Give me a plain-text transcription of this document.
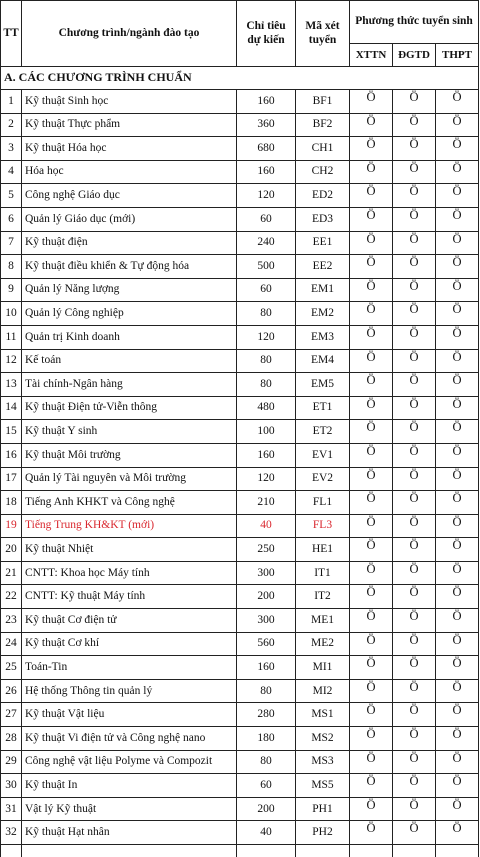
TT	Chương trình/ngành đào tạo	Chỉ tiêu dự kiến	Mã xét tuyển	Phương thức tuyển sinh		
				XTTN	ĐGTD	THPT
A. CÁC CHƯƠNG TRÌNH CHUẨN						
1	Kỹ thuật Sinh học	160	BF1	Ö	Ö	Ö
2	Kỹ thuật Thực phẩm	360	BF2	Ö	Ö	Ö
3	Kỹ thuật Hóa học	680	CH1	Ö	Ö	Ö
4	Hóa học	160	CH2	Ö	Ö	Ö
5	Công nghệ Giáo dục	120	ED2	Ö	Ö	Ö
6	Quản lý Giáo dục (mới)	60	ED3	Ö	Ö	Ö
7	Kỹ thuật điện	240	EE1	Ö	Ö	Ö
8	Kỹ thuật điều khiển & Tự động hóa	500	EE2	Ö	Ö	Ö
9	Quản lý Năng lượng	60	EM1	Ö	Ö	Ö
10	Quản lý Công nghiệp	80	EM2	Ö	Ö	Ö
11	Quản trị Kinh doanh	120	EM3	Ö	Ö	Ö
12	Kế toán	80	EM4	Ö	Ö	Ö
13	Tài chính-Ngân hàng	80	EM5	Ö	Ö	Ö
14	Kỹ thuật Điện tử-Viễn thông	480	ET1	Ö	Ö	Ö
15	Kỹ thuật Y sinh	100	ET2	Ö	Ö	Ö
16	Kỹ thuật Môi trường	160	EV1	Ö	Ö	Ö
17	Quản lý Tài nguyên và Môi trường	120	EV2	Ö	Ö	Ö
18	Tiếng Anh KHKT và Công nghệ	210	FL1	Ö	Ö	Ö
19	Tiếng Trung KH&KT (mới)	40	FL3	Ö	Ö	Ö
20	Kỹ thuật Nhiệt	250	HE1	Ö	Ö	Ö
21	CNTT: Khoa học Máy tính	300	IT1	Ö	Ö	Ö
22	CNTT: Kỹ thuật Máy tính	200	IT2	Ö	Ö	Ö
23	Kỹ thuật Cơ điện tử	300	ME1	Ö	Ö	Ö
24	Kỹ thuật Cơ khí	560	ME2	Ö	Ö	Ö
25	Toán-Tin	160	MI1	Ö	Ö	Ö
26	Hệ thống Thông tin quản lý	80	MI2	Ö	Ö	Ö
27	Kỹ thuật Vật liệu	280	MS1	Ö	Ö	Ö
28	Kỹ thuật Vi điện tử và Công nghệ nano	180	MS2	Ö	Ö	Ö
29	Công nghệ vật liệu Polyme và Compozit	80	MS3	Ö	Ö	Ö
30	Kỹ thuật In	60	MS5	Ö	Ö	Ö
31	Vật lý Kỹ thuật	200	PH1	Ö	Ö	Ö
32	Kỹ thuật Hạt nhân	40	PH2	Ö	Ö	Ö
